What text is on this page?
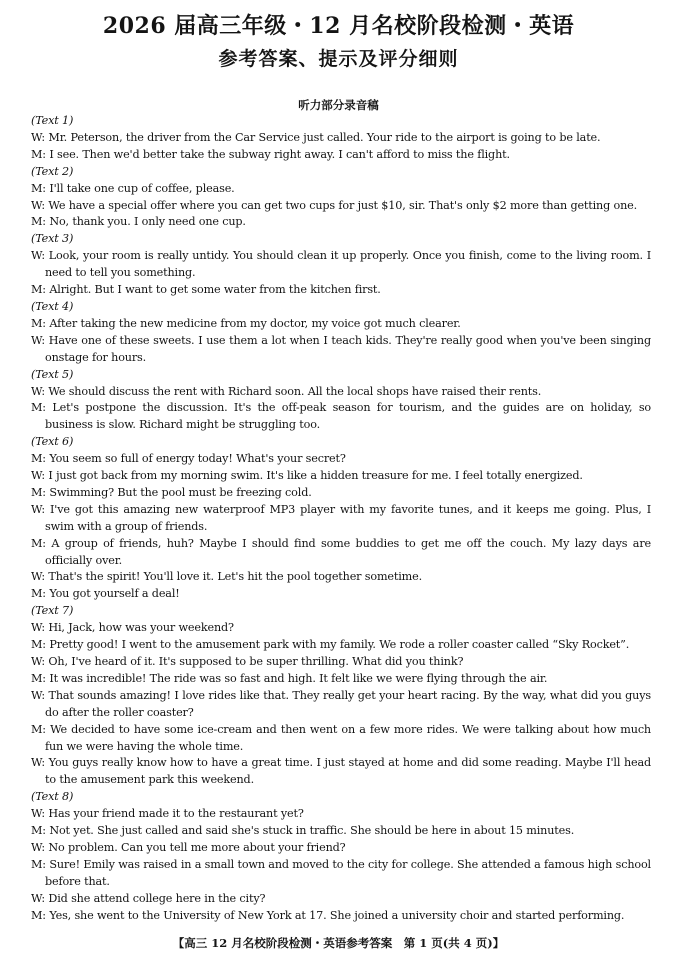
2026 届高三年级・12 月名校阶段检测・英语
参考答案、提示及评分细则
听力部分录音稿
(Text 1)
W: Mr. Peterson, the driver from the Car Service just called. Your ride to the airport is going to be late.
M: I see. Then we'd better take the subway right away. I can't afford to miss the flight.
(Text 2)
M: I'll take one cup of coffee, please.
W: We have a special offer where you can get two cups for just $10, sir. That's only $2 more than getting one.
M: No, thank you. I only need one cup.
(Text 3)
W: Look, your room is really untidy. You should clean it up properly. Once you finish, come to the living room. I need to tell you something.
M: Alright. But I want to get some water from the kitchen first.
(Text 4)
M: After taking the new medicine from my doctor, my voice got much clearer.
W: Have one of these sweets. I use them a lot when I teach kids. They're really good when you've been singing onstage for hours.
(Text 5)
W: We should discuss the rent with Richard soon. All the local shops have raised their rents.
M: Let's postpone the discussion. It's the off-peak season for tourism, and the guides are on holiday, so business is slow. Richard might be struggling too.
(Text 6)
M: You seem so full of energy today! What's your secret?
W: I just got back from my morning swim. It's like a hidden treasure for me. I feel totally energized.
M: Swimming? But the pool must be freezing cold.
W: I've got this amazing new waterproof MP3 player with my favorite tunes, and it keeps me going. Plus, I swim with a group of friends.
M: A group of friends, huh? Maybe I should find some buddies to get me off the couch. My lazy days are officially over.
W: That's the spirit! You'll love it. Let's hit the pool together sometime.
M: You got yourself a deal!
(Text 7)
W: Hi, Jack, how was your weekend?
M: Pretty good! I went to the amusement park with my family. We rode a roller coaster called “Sky Rocket”.
W: Oh, I've heard of it. It's supposed to be super thrilling. What did you think?
M: It was incredible! The ride was so fast and high. It felt like we were flying through the air.
W: That sounds amazing! I love rides like that. They really get your heart racing. By the way, what did you guys do after the roller coaster?
M: We decided to have some ice-cream and then went on a few more rides. We were talking about how much fun we were having the whole time.
W: You guys really know how to have a great time. I just stayed at home and did some reading. Maybe I'll head to the amusement park this weekend.
(Text 8)
W: Has your friend made it to the restaurant yet?
M: Not yet. She just called and said she's stuck in traffic. She should be here in about 15 minutes.
W: No problem. Can you tell me more about your friend?
M: Sure! Emily was raised in a small town and moved to the city for college. She attended a famous high school before that.
W: Did she attend college here in the city?
M: Yes, she went to the University of New York at 17. She joined a university choir and started performing.
【高三 12 月名校阶段检测・英语参考答案　第 1 页(共 4 页)】
